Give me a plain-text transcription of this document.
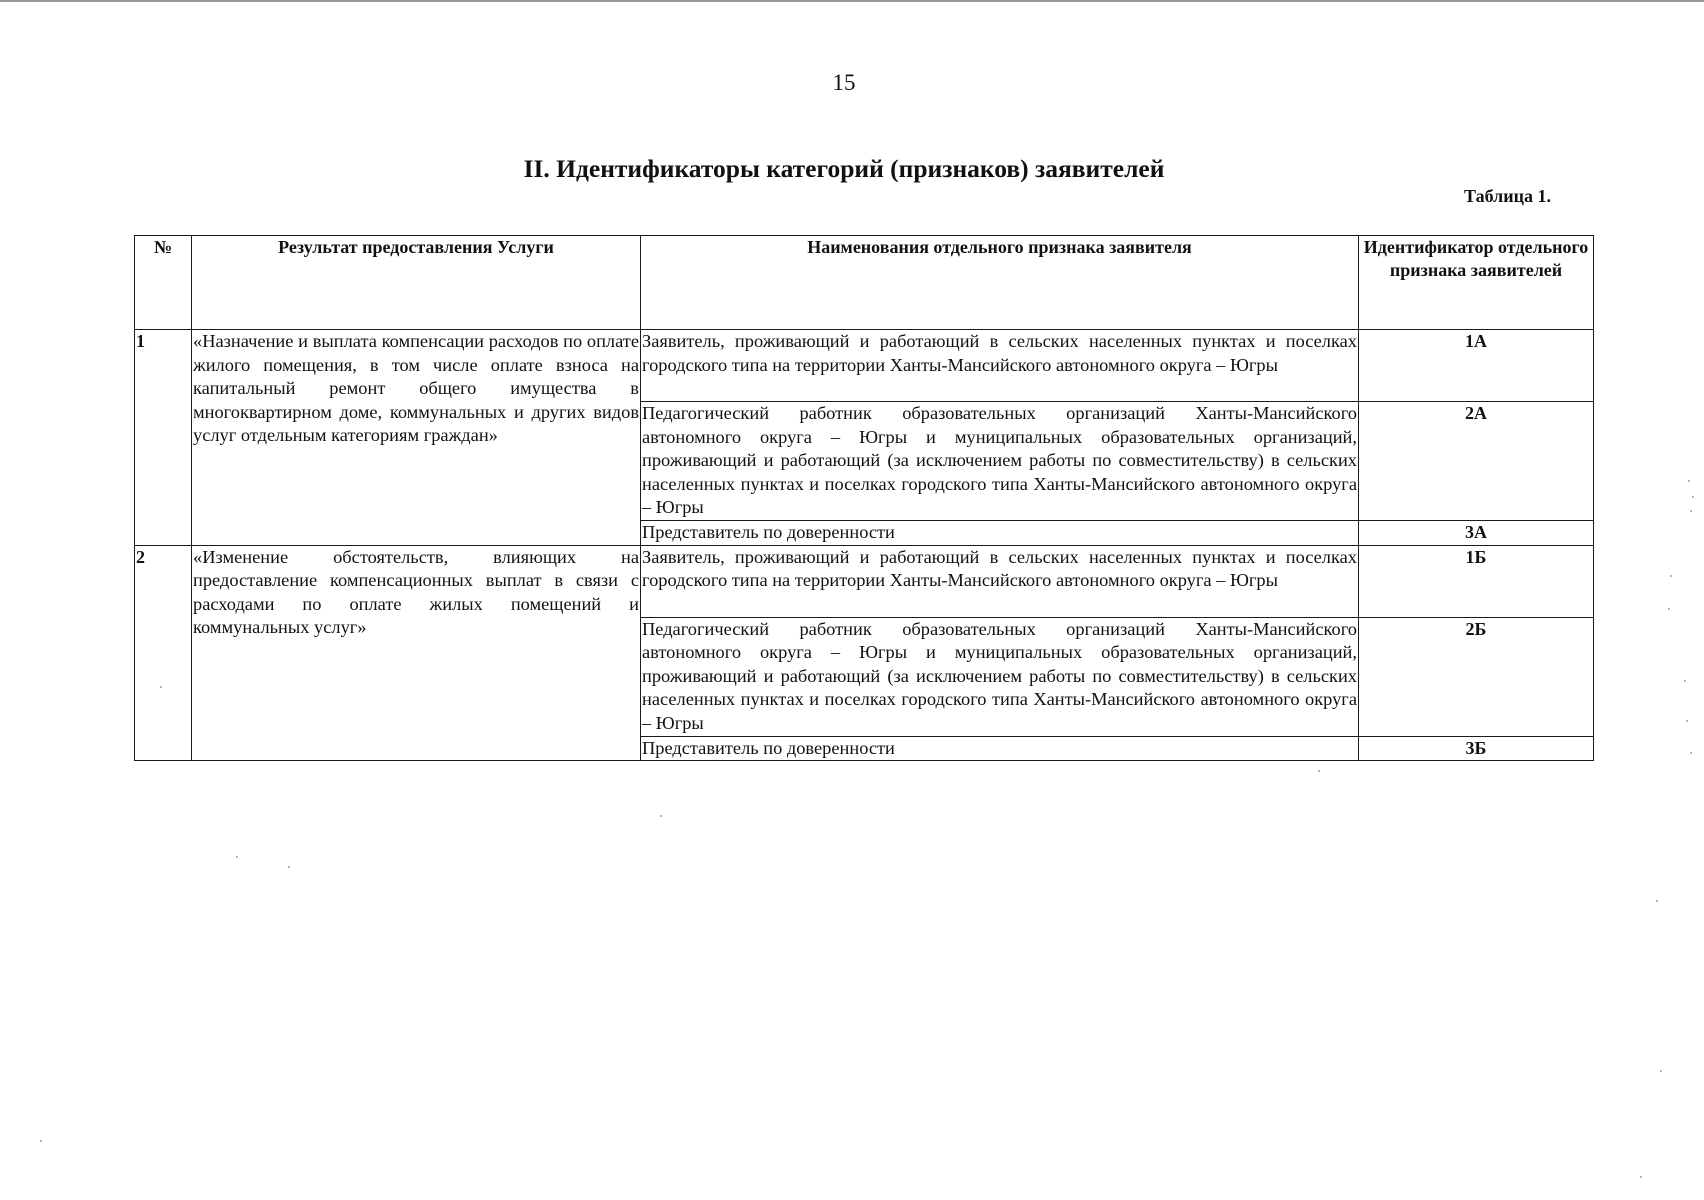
15
II. Идентификаторы категорий (признаков) заявителей
Таблица 1.
№	Результат предоставления Услуги	Наименования отдельного признака заявителя	Идентификатор отдельного признака заявителей
1	«Назначение и выплата компенсации расходов по оплате жилого помещения, в том числе оплате взноса на капитальный ремонт общего имущества в многоквартирном доме, коммунальных и других видов услуг отдельным категориям граждан»	Заявитель, проживающий и работающий в сельских населенных пунктах и поселках городского типа на территории Ханты-Мансийского автономного округа – Югры	1А
		Педагогический работник образовательных организаций Ханты-Мансийского автономного округа – Югры и муниципальных образовательных организаций, проживающий и работающий (за исключением работы по совместительству) в сельских населенных пунктах и поселках городского типа Ханты-Мансийского автономного округа – Югры	2А
		Представитель по доверенности	3А
2	«Изменение обстоятельств, влияющих на предоставление компенсационных выплат в связи с расходами по оплате жилых помещений и коммунальных услуг»	Заявитель, проживающий и работающий в сельских населенных пунктах и поселках городского типа на территории Ханты-Мансийского автономного округа – Югры	1Б
		Педагогический работник образовательных организаций Ханты-Мансийского автономного округа – Югры и муниципальных образовательных организаций, проживающий и работающий (за исключением работы по совместительству) в сельских населенных пунктах и поселках городского типа Ханты-Мансийского автономного округа – Югры	2Б
		Представитель по доверенности	3Б
